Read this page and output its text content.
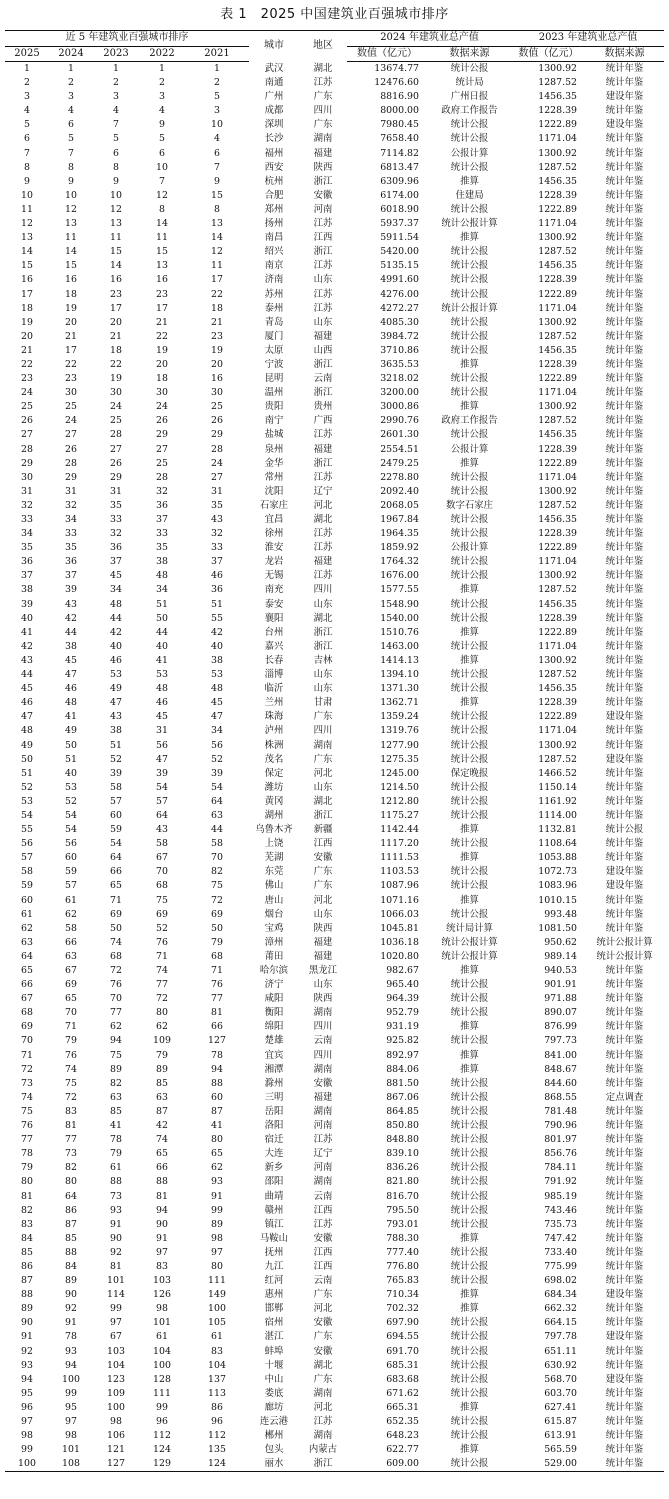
表 1　2025 中国建筑业百强城市排序
近 5 年建筑业百强城市排序					城市	地区	2024 年建筑业总产值		2023 年建筑业总产值	
2025	2024	2023	2022	2021			数值（亿元）	数据来源	数值（亿元）	数据来源
1	1	1	1	1	武汉	湖北	13674.77	统计公报	1300.92	统计年鉴
2	2	2	2	2	南通	江苏	12476.60	统计局	1287.52	统计年鉴
3	3	3	3	5	广州	广东	8816.90	广州日报	1456.35	建设年鉴
4	4	4	4	3	成都	四川	8000.00	政府工作报告	1228.39	统计年鉴
5	6	7	9	10	深圳	广东	7980.45	统计公报	1222.89	建设年鉴
6	5	5	5	4	长沙	湖南	7658.40	统计公报	1171.04	统计年鉴
7	7	6	6	6	福州	福建	7114.82	公报计算	1300.92	统计年鉴
8	8	8	10	7	西安	陕西	6813.47	统计公报	1287.52	统计年鉴
9	9	9	7	9	杭州	浙江	6309.96	推算	1456.35	统计年鉴
10	10	10	12	15	合肥	安徽	6174.00	住建局	1228.39	统计年鉴
11	12	12	8	8	郑州	河南	6018.90	统计公报	1222.89	统计年鉴
12	13	13	14	13	扬州	江苏	5937.37	统计公报计算	1171.04	统计年鉴
13	11	11	11	14	南昌	江西	5911.54	推算	1300.92	统计年鉴
14	14	15	15	12	绍兴	浙江	5420.00	统计公报	1287.52	统计年鉴
15	15	14	13	11	南京	江苏	5135.15	统计公报	1456.35	统计年鉴
16	16	16	16	17	济南	山东	4991.60	统计公报	1228.39	统计年鉴
17	18	23	23	22	苏州	江苏	4276.00	统计公报	1222.89	统计年鉴
18	19	17	17	18	泰州	江苏	4272.27	统计公报计算	1171.04	统计年鉴
19	20	20	21	21	青岛	山东	4085.30	统计公报	1300.92	统计年鉴
20	21	21	22	23	厦门	福建	3984.72	统计公报	1287.52	统计年鉴
21	17	18	19	19	太原	山西	3710.86	统计公报	1456.35	统计年鉴
22	22	22	20	20	宁波	浙江	3635.53	推算	1228.39	统计年鉴
23	23	19	18	16	昆明	云南	3218.02	统计公报	1222.89	统计年鉴
24	30	30	30	30	温州	浙江	3200.00	统计公报	1171.04	统计年鉴
25	25	24	24	25	贵阳	贵州	3000.86	推算	1300.92	统计年鉴
26	24	25	26	26	南宁	广西	2990.76	政府工作报告	1287.52	统计年鉴
27	27	28	29	29	盐城	江苏	2601.30	统计公报	1456.35	统计年鉴
28	26	27	27	28	泉州	福建	2554.51	公报计算	1228.39	统计年鉴
29	28	26	25	24	金华	浙江	2479.25	推算	1222.89	统计年鉴
30	29	29	28	27	常州	江苏	2278.80	统计公报	1171.04	统计年鉴
31	31	31	32	31	沈阳	辽宁	2092.40	统计公报	1300.92	统计年鉴
32	32	35	36	35	石家庄	河北	2068.05	数字石家庄	1287.52	统计年鉴
33	34	33	37	43	宜昌	湖北	1967.84	统计公报	1456.35	统计年鉴
34	33	32	33	32	徐州	江苏	1964.35	统计公报	1228.39	统计年鉴
35	35	36	35	33	淮安	江苏	1859.92	公报计算	1222.89	统计年鉴
36	36	37	38	37	龙岩	福建	1764.32	统计公报	1171.04	统计年鉴
37	37	45	48	46	无锡	江苏	1676.00	统计公报	1300.92	统计年鉴
38	39	34	34	36	南充	四川	1577.55	推算	1287.52	统计年鉴
39	43	48	51	51	泰安	山东	1548.90	统计公报	1456.35	统计年鉴
40	42	44	50	55	襄阳	湖北	1540.00	统计公报	1228.39	统计年鉴
41	44	42	44	42	台州	浙江	1510.76	推算	1222.89	统计年鉴
42	38	40	40	40	嘉兴	浙江	1463.00	统计公报	1171.04	统计年鉴
43	45	46	41	38	长春	吉林	1414.13	推算	1300.92	统计年鉴
44	47	53	53	53	淄博	山东	1394.10	统计公报	1287.52	统计年鉴
45	46	49	48	48	临沂	山东	1371.30	统计公报	1456.35	统计年鉴
46	48	47	46	45	兰州	甘肃	1362.71	推算	1228.39	统计年鉴
47	41	43	45	47	珠海	广东	1359.24	统计公报	1222.89	建设年鉴
48	49	38	31	34	泸州	四川	1319.76	统计公报	1171.04	统计年鉴
49	50	51	56	56	株洲	湖南	1277.90	统计公报	1300.92	统计年鉴
50	51	52	47	52	茂名	广东	1275.35	统计公报	1287.52	建设年鉴
51	40	39	39	39	保定	河北	1245.00	保定晚报	1466.52	统计年鉴
52	53	58	54	54	潍坊	山东	1214.50	统计公报	1150.14	统计年鉴
53	52	57	57	64	黄冈	湖北	1212.80	统计公报	1161.92	统计年鉴
54	54	60	64	63	湖州	浙江	1175.27	统计公报	1114.00	统计年鉴
55	54	59	43	44	乌鲁木齐	新疆	1142.44	推算	1132.81	统计公报
56	56	54	58	58	上饶	江西	1117.20	统计公报	1108.64	统计年鉴
57	60	64	67	70	芜湖	安徽	1111.53	推算	1053.88	统计年鉴
58	59	66	70	82	东莞	广东	1103.53	统计公报	1072.73	建设年鉴
59	57	65	68	75	佛山	广东	1087.96	统计公报	1083.96	建设年鉴
60	61	71	75	72	唐山	河北	1071.16	推算	1010.15	统计年鉴
61	62	69	69	69	烟台	山东	1066.03	统计公报	993.48	统计年鉴
62	58	50	52	50	宝鸡	陕西	1045.81	统计局计算	1081.50	统计年鉴
63	66	74	76	79	漳州	福建	1036.18	统计公报计算	950.62	统计公报计算
64	63	68	71	68	莆田	福建	1020.80	统计公报计算	989.14	统计公报计算
65	67	72	74	71	哈尔滨	黑龙江	982.67	推算	940.53	统计年鉴
66	69	76	77	76	济宁	山东	965.40	统计公报	901.91	统计年鉴
67	65	70	72	77	咸阳	陕西	964.39	统计公报	971.88	统计年鉴
68	70	77	80	81	衡阳	湖南	952.79	统计公报	890.07	统计年鉴
69	71	62	62	66	绵阳	四川	931.19	推算	876.99	统计年鉴
70	79	94	109	127	楚雄	云南	925.82	统计公报	797.73	统计年鉴
71	76	75	79	78	宜宾	四川	892.97	推算	841.00	统计年鉴
72	74	89	89	94	湘潭	湖南	884.06	推算	848.67	统计年鉴
73	75	82	85	88	滁州	安徽	881.50	统计公报	844.60	统计年鉴
74	72	63	63	60	三明	福建	867.06	统计公报	868.55	定点调查
75	83	85	87	87	岳阳	湖南	864.85	统计公报	781.48	统计年鉴
76	81	41	42	41	洛阳	河南	850.80	统计公报	790.96	统计年鉴
77	77	78	74	80	宿迁	江苏	848.80	统计公报	801.97	统计年鉴
78	73	79	65	65	大连	辽宁	839.10	统计公报	856.76	统计年鉴
79	82	61	66	62	新乡	河南	836.26	统计公报	784.11	统计年鉴
80	80	88	88	93	邵阳	湖南	821.80	统计公报	791.92	统计年鉴
81	64	73	81	91	曲靖	云南	816.70	统计公报	985.19	统计年鉴
82	86	93	94	99	赣州	江西	795.50	统计公报	743.46	统计年鉴
83	87	91	90	89	镇江	江苏	793.01	统计公报	735.73	统计年鉴
84	85	90	91	98	马鞍山	安徽	788.30	推算	747.42	统计年鉴
85	88	92	97	97	抚州	江西	777.40	统计公报	733.40	统计年鉴
86	84	81	83	80	九江	江西	776.80	统计公报	775.99	统计年鉴
87	89	101	103	111	红河	云南	765.83	统计公报	698.02	统计年鉴
88	90	114	126	149	惠州	广东	710.34	推算	684.34	建设年鉴
89	92	99	98	100	邯郸	河北	702.32	推算	662.32	统计年鉴
90	91	97	101	105	宿州	安徽	697.90	统计公报	664.15	统计年鉴
91	78	67	61	61	湛江	广东	694.55	统计公报	797.78	建设年鉴
92	93	103	104	83	蚌埠	安徽	691.70	统计公报	651.11	统计年鉴
93	94	104	100	104	十堰	湖北	685.31	统计公报	630.92	统计年鉴
94	100	123	128	137	中山	广东	683.68	统计公报	568.70	建设年鉴
95	99	109	111	113	娄底	湖南	671.62	统计公报	603.70	统计年鉴
96	95	100	99	86	廊坊	河北	665.31	推算	627.41	统计年鉴
97	97	98	96	96	连云港	江苏	652.35	统计公报	615.87	统计年鉴
98	98	106	112	112	郴州	湖南	648.23	统计公报	613.91	统计年鉴
99	101	121	124	135	包头	内蒙古	622.77	推算	565.59	统计年鉴
100	108	127	129	124	丽水	浙江	609.00	统计公报	529.00	统计年鉴
